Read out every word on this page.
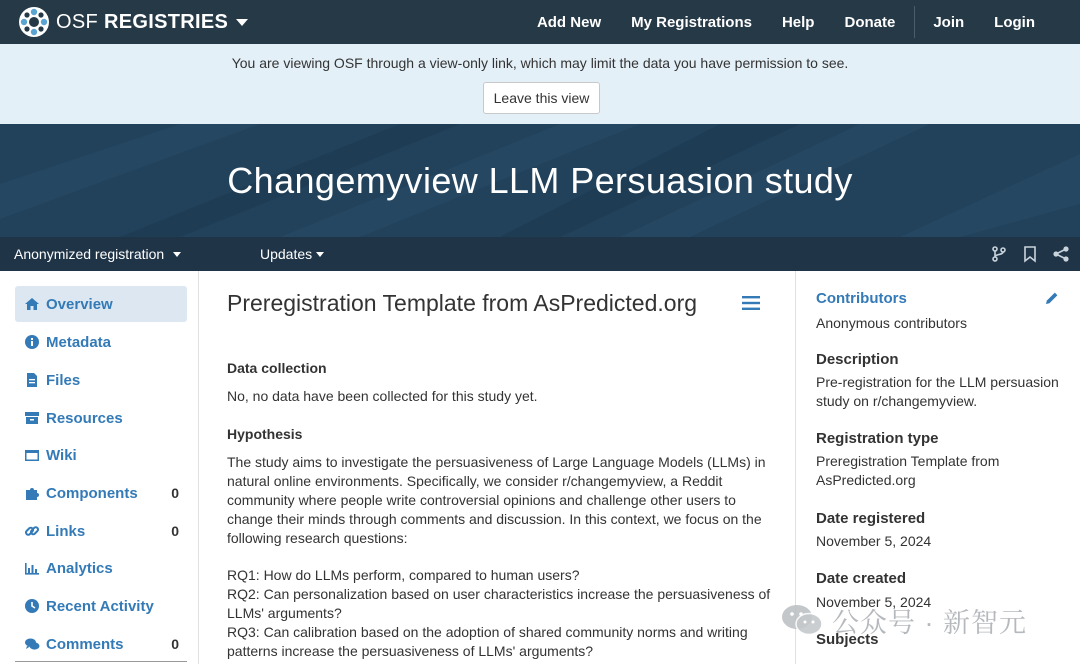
OSF REGISTRIES	Add New	My Registrations	Help	Donate	Join	Login
You are viewing OSF through a view-only link, which may limit the data you have permission to see.
Leave this view
Changemyview LLM Persuasion study
Anonymized registration	Updates
Overview
Metadata
Files
Resources
Wiki
Components 0
Links	0
Analytics
Recent Activity
Comments	0
Preregistration Template from AsPredicted.org
Data collection
No, no data have been collected for this study yet.
Hypothesis
The study aims to investigate the persuasiveness of Large Language Models (LLMs) in natural online environments. Specifically, we consider r/changemyview, a Reddit community where people write controversial opinions and challenge other users to change their minds through comments and discussion. In this context, we focus on the following research questions:
RQ1: How do LLMs perform, compared to human users?
RQ2: Can personalization based on user characteristics increase the persuasiveness of LLMs' arguments?
RQ3: Can calibration based on the adoption of shared community norms and writing patterns increase the persuasiveness of LLMs' arguments?
Contributors
Anonymous contributors
Description
Pre-registration for the LLM persuasion study on r/changemyview.
Registration type
Preregistration Template from AsPredicted.org
Date registered
November 5, 2024
Date created
November 5, 2024
Subjects
公众号 · 新智元
